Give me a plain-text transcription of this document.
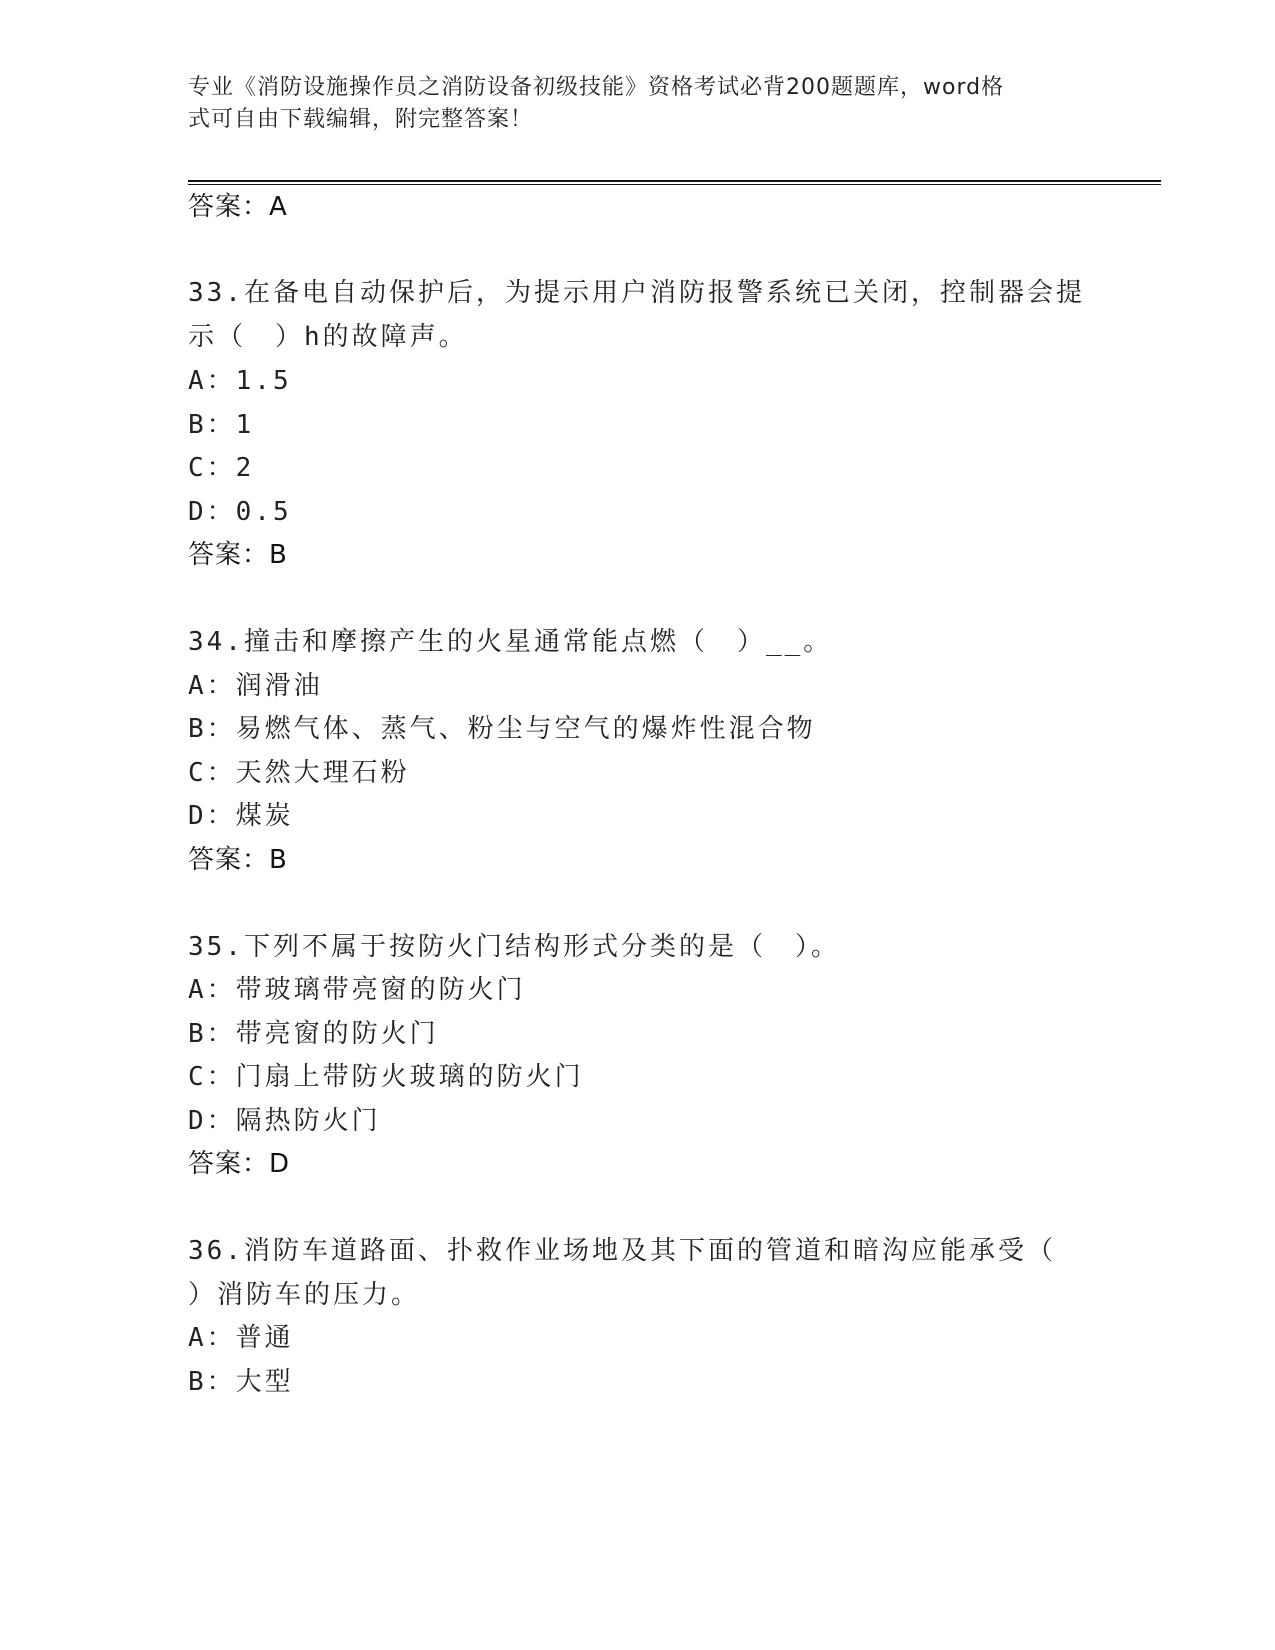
专业《消防设施操作员之消防设备初级技能》资格考试必背200题题库，word格
式可自由下载编辑，附完整答案！
答案：A
33.在备电自动保护后，为提示用户消防报警系统已关闭，控制器会提
示（　）h的故障声。
A：1.5
B：1
C：2
D：0.5
答案：B
34.撞击和摩擦产生的火星通常能点燃（　）__。
A：润滑油
B：易燃气体、蒸气、粉尘与空气的爆炸性混合物
C：天然大理石粉
D：煤炭
答案：B
35.下列不属于按防火门结构形式分类的是（　）。
A：带玻璃带亮窗的防火门
B：带亮窗的防火门
C：门扇上带防火玻璃的防火门
D：隔热防火门
答案：D
36.消防车道路面、扑救作业场地及其下面的管道和暗沟应能承受（
）消防车的压力。
A：普通
B：大型
